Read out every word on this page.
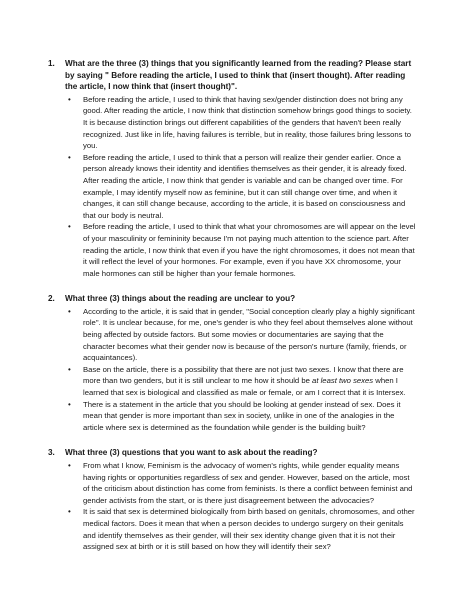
1.	What are the three (3) things that you significantly learned from the reading? Please start by saying " Before reading the article, I used to think that (insert thought). After reading the article, I now think that (insert thought)".
• Before reading the article, I used to think that having sex/gender distinction does not bring any good. After reading the article, I now think that distinction somehow brings good things to society. It is because distinction brings out different capabilities of the genders that haven't been really recognized. Just like in life, having failures is terrible, but in reality, those failures bring lessons to you.
• Before reading the article, I used to think that a person will realize their gender earlier. Once a person already knows their identity and identifies themselves as their gender, it is already fixed. After reading the article, I now think that gender is variable and can be changed over time. For example, I may identify myself now as feminine, but it can still change over time, and when it changes, it can still change because, according to the article, it is based on consciousness and that our body is neutral.
• Before reading the article, I used to think that what your chromosomes are will appear on the level of your masculinity or femininity because I'm not paying much attention to the science part. After reading the article, I now think that even if you have the right chromosomes, it does not mean that it will reflect the level of your hormones. For example, even if you have XX chromosome, your male hormones can still be higher than your female hormones.
2.	What three (3) things about the reading are unclear to you?
• According to the article, it is said that in gender, "Social conception clearly play a highly significant role". It is unclear because, for me, one's gender is who they feel about themselves alone without being affected by outside factors. But some movies or documentaries are saying that the character becomes what their gender now is because of the person's nurture (family, friends, or acquaintances).
• Base on the article, there is a possibility that there are not just two sexes. I know that there are more than two genders, but it is still unclear to me how it should be at least two sexes when I learned that sex is biological and classified as male or female, or am I correct that it is Intersex.
• There is a statement in the article that you should be looking at gender instead of sex. Does it mean that gender is more important than sex in society, unlike in one of the analogies in the article where sex is determined as the foundation while gender is the building built?
3.	What three (3) questions that you want to ask about the reading?
• From what I know, Feminism is the advocacy of women's rights, while gender equality means having rights or opportunities regardless of sex and gender. However, based on the article, most of the criticism about distinction has come from feminists. Is there a conflict between feminist and gender activists from the start, or is there just disagreement between the advocacies?
• It is said that sex is determined biologically from birth based on genitals, chromosomes, and other medical factors. Does it mean that when a person decides to undergo surgery on their genitals and identify themselves as their gender, will their sex identity change given that it is not their assigned sex at birth or it is still based on how they will identify their sex?
